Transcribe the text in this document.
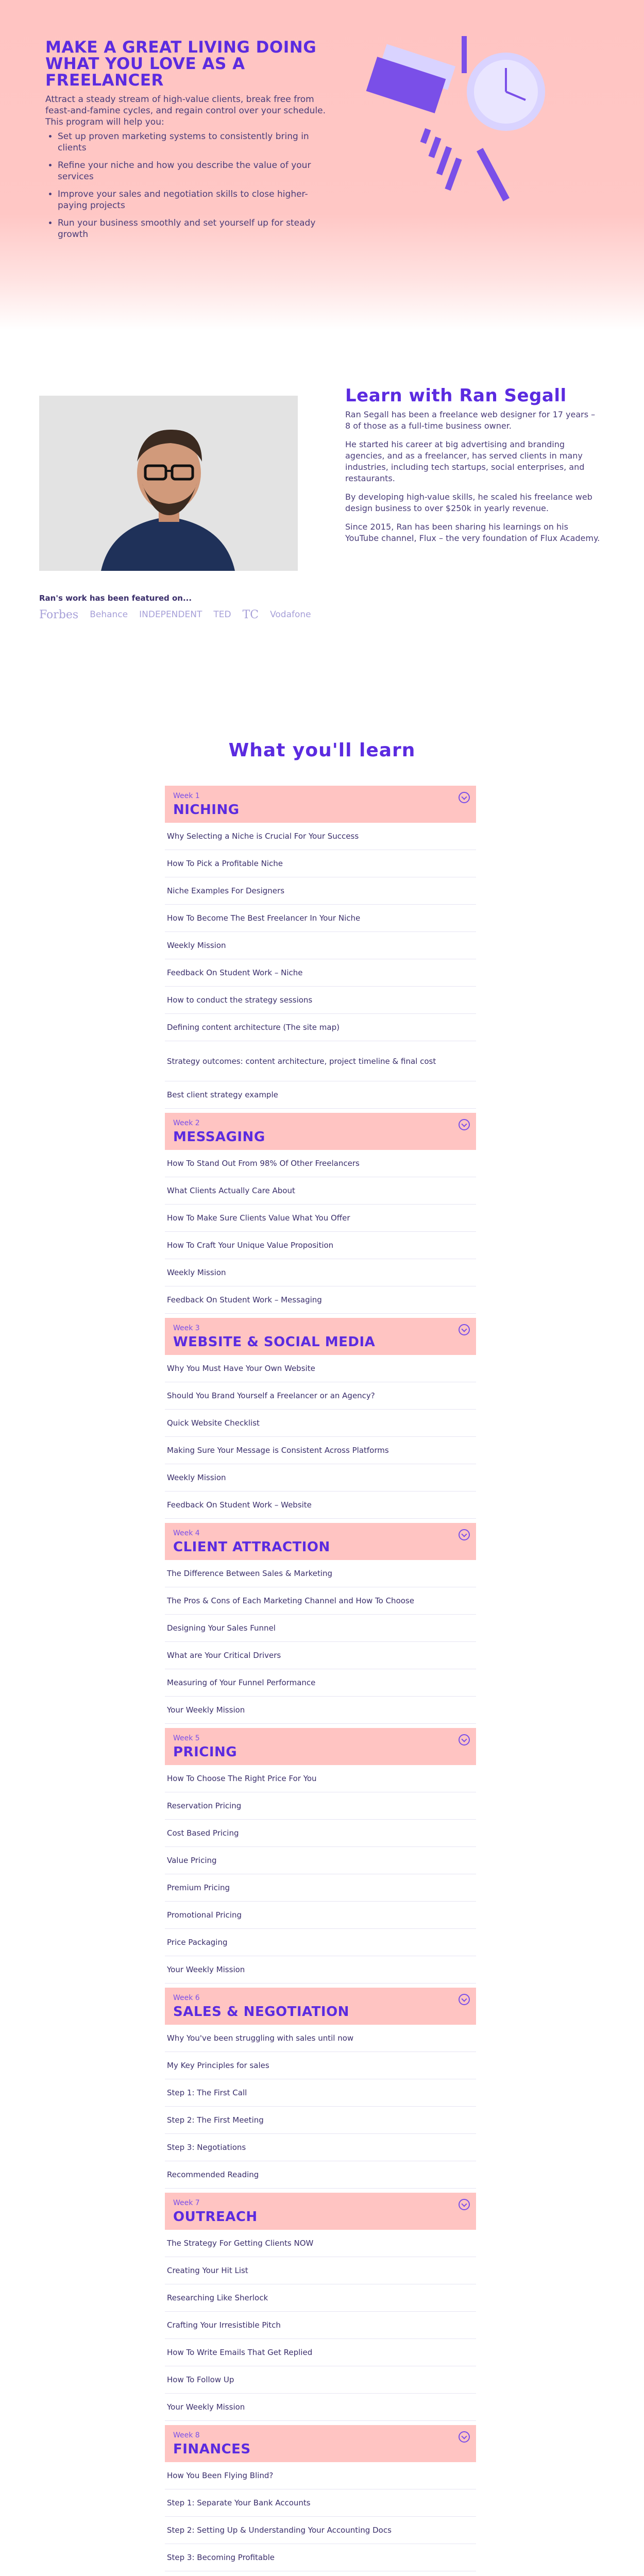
MAKE A GREAT LIVING DOING WHAT YOU LOVE AS A FREELANCER

Attract a steady stream of high-value clients, break free from feast-and-famine cycles, and regain control over your schedule. This program will help you:

• Set up proven marketing systems to consistently bring in clients
• Refine your niche and how you describe the value of your services
• Improve your sales and negotiation skills to close higher-paying projects
• Run your business smoothly and set yourself up for steady growth
Ran's work has been featured on...
Forbes Behance INDEPENDENT TED TC Vodafone
Learn with Ran Segall

Ran Segall has been a freelance web designer for 17 years – 8 of those as a full-time business owner.

He started his career at big advertising and branding agencies, and as a freelancer, has served clients in many industries, including tech startups, social enterprises, and restaurants.

By developing high-value skills, he scaled his freelance web design business to over $250k in yearly revenue.

Since 2015, Ran has been sharing his learnings on his YouTube channel, Flux – the very foundation of Flux Academy.

What you'll learn
Week 1
NICHING
Why Selecting a Niche is Crucial For Your Success
How To Pick a Profitable Niche
Niche Examples For Designers
How To Become The Best Freelancer In Your Niche
Weekly Mission
Feedback On Student Work – Niche
How to conduct the strategy sessions
Defining content architecture (The site map)
Strategy outcomes: content architecture, project timeline & final cost
Best client strategy example
Week 2
MESSAGING
How To Stand Out From 98% Of Other Freelancers
What Clients Actually Care About
How To Make Sure Clients Value What You Offer
How To Craft Your Unique Value Proposition
Weekly Mission
Feedback On Student Work – Messaging
Week 3
WEBSITE & SOCIAL MEDIA
Why You Must Have Your Own Website
Should You Brand Yourself a Freelancer or an Agency?
Quick Website Checklist
Making Sure Your Message is Consistent Across Platforms
Weekly Mission
Feedback On Student Work – Website
Week 4
CLIENT ATTRACTION
The Difference Between Sales & Marketing
The Pros & Cons of Each Marketing Channel and How To Choose
Designing Your Sales Funnel
What are Your Critical Drivers
Measuring of Your Funnel Performance
Your Weekly Mission
Week 5
PRICING
How To Choose The Right Price For You
Reservation Pricing
Cost Based Pricing
Value Pricing
Premium Pricing
Promotional Pricing
Price Packaging
Your Weekly Mission
Week 6
SALES & NEGOTIATION
Why You've been struggling with sales until now
My Key Principles for sales
Step 1: The First Call
Step 2: The First Meeting
Step 3: Negotiations
Recommended Reading
Week 7
OUTREACH
The Strategy For Getting Clients NOW
Creating Your Hit List
Researching Like Sherlock
Crafting Your Irresistible Pitch
How To Write Emails That Get Replied
How To Follow Up
Your Weekly Mission
Week 8
FINANCES
How You Been Flying Blind?
Step 1: Separate Your Bank Accounts
Step 2: Setting Up & Understanding Your Accounting Docs
Step 3: Becoming Profitable
